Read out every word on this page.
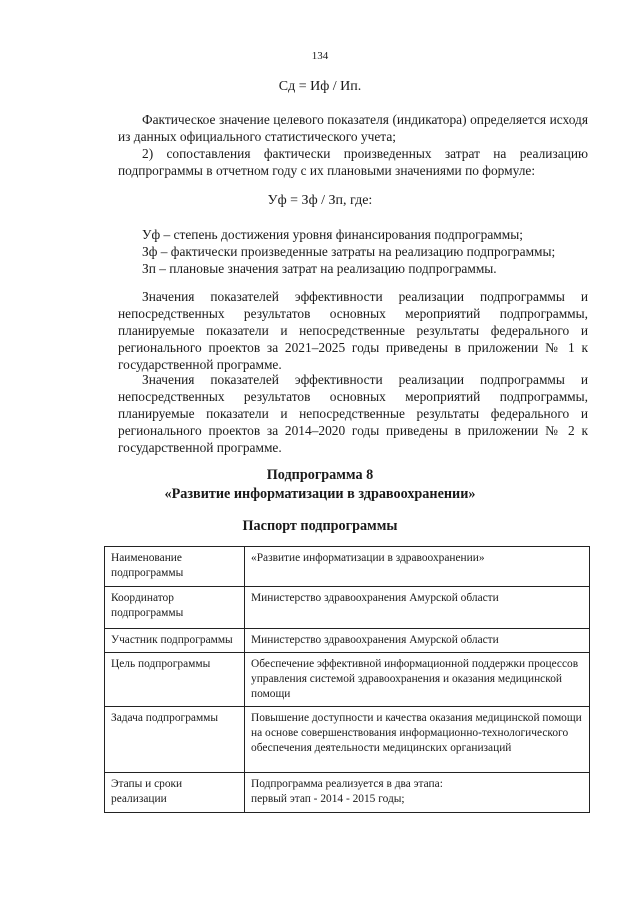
134
Сд = Иф / Ип.

Фактическое значение целевого показателя (индикатора) определяется исходя из данных официального статистического учета;

2) сопоставления фактически произведенных затрат на реализацию подпрограммы в отчетном году с их плановыми значениями по формуле:

Уф = Зф / Зп, где:

Уф – степень достижения уровня финансирования подпрограммы;

Зф – фактически произведенные затраты на реализацию подпрограммы;

Зп – плановые значения затрат на реализацию подпрограммы.

Значения показателей эффективности реализации подпрограммы и непосредственных результатов основных мероприятий подпрограммы, планируемые показатели и непосредственные результаты федерального и регионального проектов за 2021–2025 годы приведены в приложении № 1 к государственной программе.

Значения показателей эффективности реализации подпрограммы и непосредственных результатов основных мероприятий подпрограммы, планируемые показатели и непосредственные результаты федерального и регионального проектов за 2014–2020 годы приведены в приложении № 2 к государственной программе.

Подпрограмма 8
«Развитие информатизации в здравоохранении»
Паспорт подпрограммы
Наименование подпрограммы	«Развитие информатизации в здравоохранении»
Координатор подпрограммы	Министерство здравоохранения Амурской области
Участник подпрограммы	Министерство здравоохранения Амурской области
Цель подпрограммы	Обеспечение эффективной информационной поддержки процессов управления системой здравоохранения и оказания медицинской помощи
Задача подпрограммы	Повышение доступности и качества оказания медицинской помощи на основе совершенствования информационно-технологического обеспечения деятельности медицинских организаций
Этапы и сроки реализации	Подпрограмма реализуется в два этапа:
первый этап - 2014 - 2015 годы;
